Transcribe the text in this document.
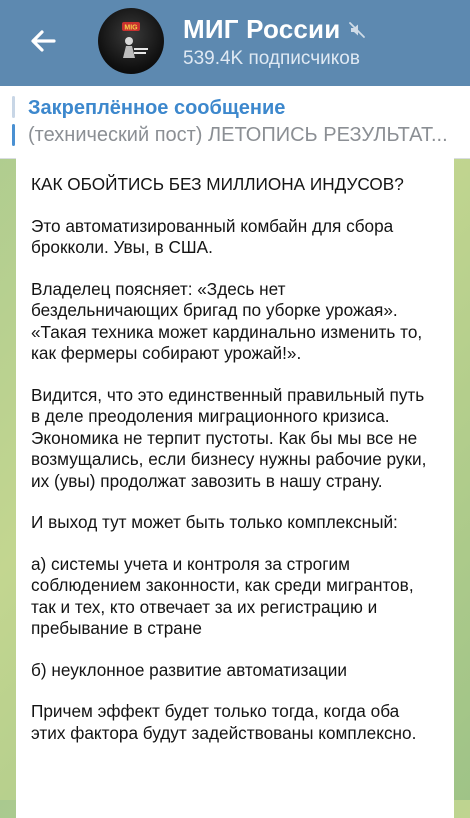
MIG МИГ России
539.4K подписчиков
Закреплённое сообщение
(технический пост) ЛЕТОПИСЬ РЕЗУЛЬТАТ...

КАК ОБОЙТИСЬ БЕЗ МИЛЛИОНА ИНДУСОВ?

Это автоматизированный комбайн для сбора брокколи. Увы, в США.

Владелец поясняет: «Здесь нет бездельничающих бригад по уборке урожая». «Такая техника может кардинально изменить то, как фермеры собирают урожай!».

Видится, что это единственный правильный путь в деле преодоления миграционного кризиса. Экономика не терпит пустоты. Как бы мы все не возмущались, если бизнесу нужны рабочие руки, их (увы) продолжат завозить в нашу страну.

И выход тут может быть только комплексный:

а) системы учета и контроля за строгим соблюдением законности, как среди мигрантов, так и тех, кто отвечает за их регистрацию и пребывание в стране

б) неуклонное развитие автоматизации

Причем эффект будет только тогда, когда оба этих фактора будут задействованы комплексно.
